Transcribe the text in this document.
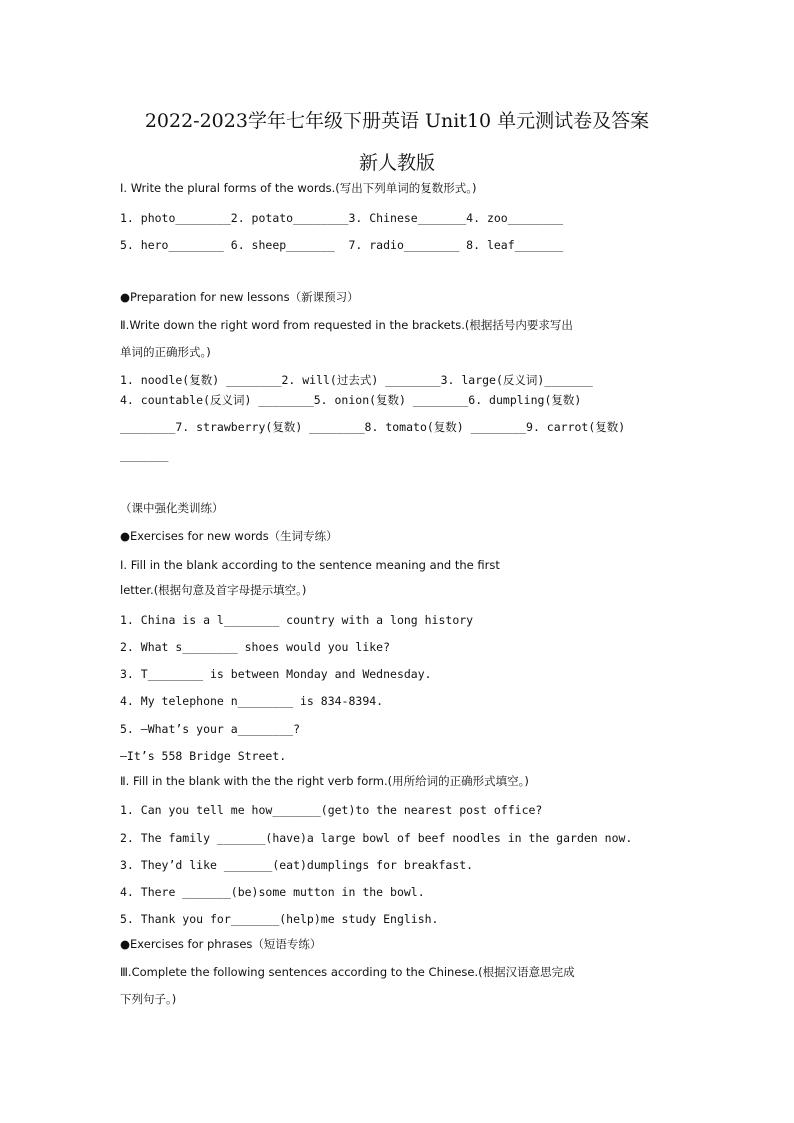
2022-2023学年七年级下册英语 Unit10 单元测试卷及答案
新人教版

Ⅰ. Write the plural forms of the words.(写出下列单词的复数形式。)

1. photo________2. potato________3. Chinese_______4. zoo________

5. hero________ 6. sheep_______  7. radio________ 8. leaf_______

●Preparation for new lessons（新课预习）

Ⅱ.Write down the right word from requested in the brackets.(根据括号内要求写出

单词的正确形式。)

1. noodle(复数) ________2. will(过去式) ________3. large(反义词)_______

4. countable(反义词) ________5. onion(复数) ________6. dumpling(复数)

________7. strawberry(复数) ________8. tomato(复数) ________9. carrot(复数)

_______

（课中强化类训练）

●Exercises for new words（生词专练）

Ⅰ. Fill in the blank according to the sentence meaning and the first

letter.(根据句意及首字母提示填空。)

1. China is a l________ country with a long history

2. What s________ shoes would you like?

3. T________ is between Monday and Wednesday.

4. My telephone n________ is 834-8394.

5. —What’s your a________?

—It’s 558 Bridge Street.

Ⅱ. Fill in the blank with the the right verb form.(用所给词的正确形式填空。)

1. Can you tell me how_______(get)to the nearest post office?

2. The family _______(have)a large bowl of beef noodles in the garden now.

3. They’d like _______(eat)dumplings for breakfast.

4. There _______(be)some mutton in the bowl.

5. Thank you for_______(help)me study English.

●Exercises for phrases（短语专练）

Ⅲ.Complete the following sentences according to the Chinese.(根据汉语意思完成

下列句子。)
